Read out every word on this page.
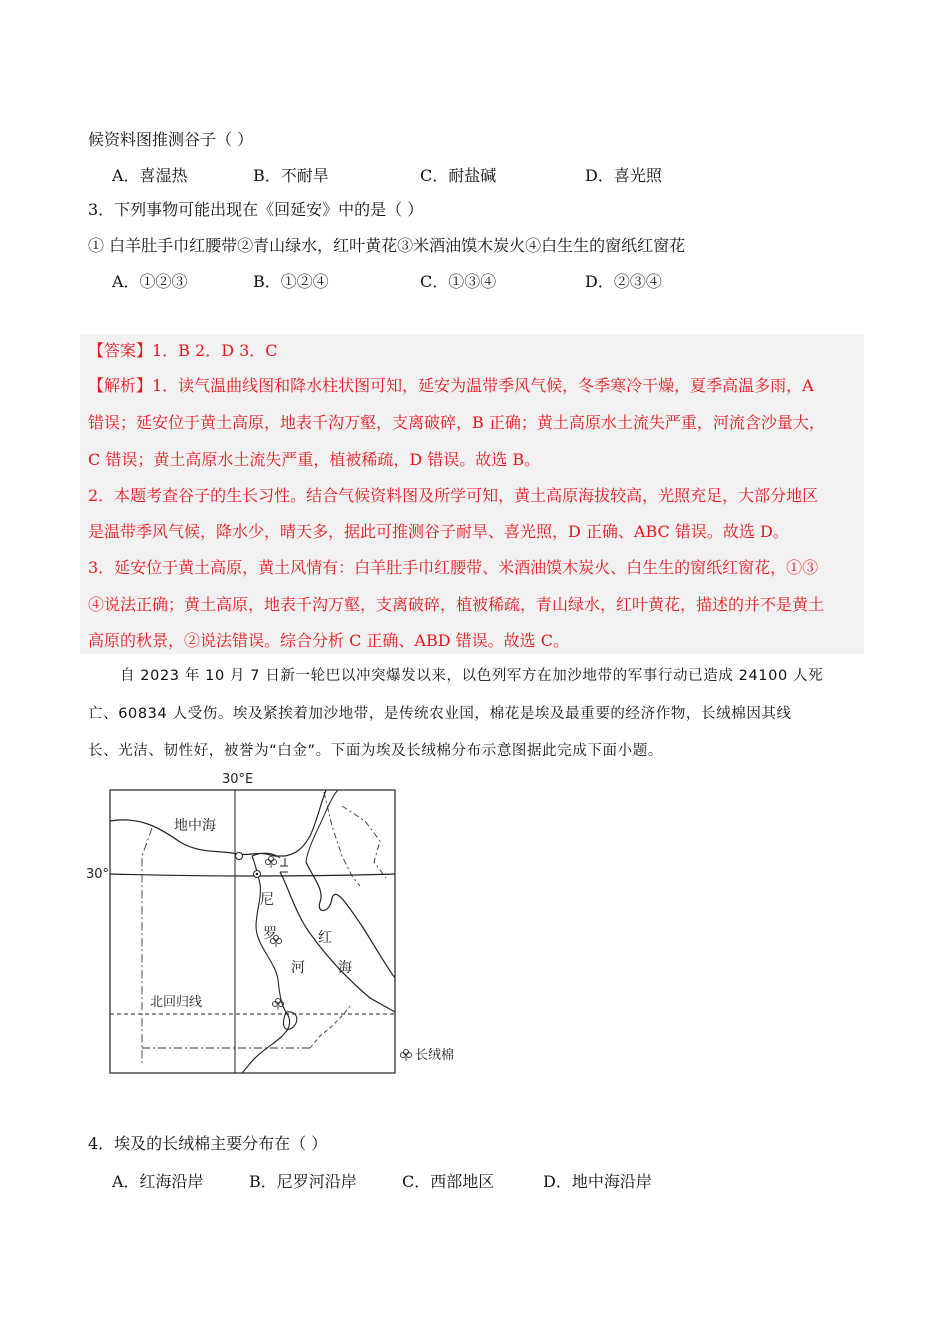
候资料图推测谷子（ ）
A．喜湿热	B．不耐旱	C．耐盐碱	D．喜光照
3．下列事物可能出现在《回延安》中的是（ ）
① 白羊肚手巾红腰带②青山绿水，红叶黄花③米酒油馍木炭火④白生生的窗纸红窗花
A．①②③	B．①②④	C．①③④	D．②③④
【答案】1．B 2．D 3．C
【解析】1．读气温曲线图和降水柱状图可知，延安为温带季风气候，冬季寒冷干燥，夏季高温多雨，A
错误；延安位于黄土高原，地表千沟万壑，支离破碎，B 正确；黄土高原水土流失严重，河流含沙量大，
C 错误；黄土高原水土流失严重，植被稀疏，D 错误。故选 B。
2．本题考查谷子的生长习性。结合气候资料图及所学可知，黄土高原海拔较高，光照充足，大部分地区
是温带季风气候，降水少，晴天多，据此可推测谷子耐旱、喜光照，D 正确、ABC 错误。故选 D。
3．延安位于黄土高原，黄土风情有：白羊肚手巾红腰带、米酒油馍木炭火、白生生的窗纸红窗花，①③
④说法正确；黄土高原，地表千沟万壑，支离破碎，植被稀疏，青山绿水，红叶黄花，描述的并不是黄土
高原的秋景，②说法错误。综合分析 C 正确、ABD 错误。故选 C。
自 2023 年 10 月 7 日新一轮巴以冲突爆发以来，以色列军方在加沙地带的军事行动已造成 24100 人死
亡、60834 人受伤。埃及紧挨着加沙地带，是传统农业国，棉花是埃及最重要的经济作物，长绒棉因其线
长、光洁、韧性好，被誉为“白金”。下面为埃及长绒棉分布示意图据此完成下面小题。
30°E
30°
北回归线
地中海
尼
罗
河
红
海
长绒棉
4．埃及的长绒棉主要分布在（ ）
A．红海沿岸	B．尼罗河沿岸	C．西部地区	D．地中海沿岸
